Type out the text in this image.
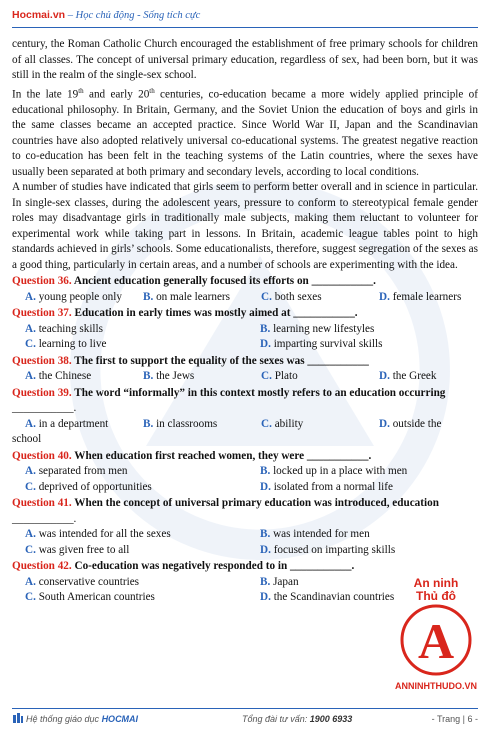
Hocmai.vn – Học chủ động - Sống tích cực

century, the Roman Catholic Church encouraged the establishment of free primary schools for children of all classes. The concept of universal primary education, regardless of sex, had been born, but it was still in the realm of the single-sex school.

In the late 19th and early 20th centuries, co-education became a more widely applied principle of educational philosophy. In Britain, Germany, and the Soviet Union the education of boys and girls in the same classes became an accepted practice. Since World War II, Japan and the Scandinavian countries have also adopted relatively universal co-educational systems. The greatest negative reaction to co-education has been felt in the teaching systems of the Latin countries, where the sexes have usually been separated at both primary and secondary levels, according to local conditions.

A number of studies have indicated that girls seem to perform better overall and in science in particular. In single-sex classes, during the adolescent years, pressure to conform to stereotypical female gender roles may disadvantage girls in traditionally male subjects, making them reluctant to volunteer for experimental work while taking part in lessons. In Britain, academic league tables point to high standards achieved in girls’ schools. Some educationalists, therefore, suggest segregation of the sexes as a good thing, particularly in certain areas, and a number of schools are experimenting with the idea.

Question 36. Ancient education generally focused its efforts on ___________.
A. young people only	B. on male learners	C. both sexes	D. female learners
Question 37. Education in early times was mostly aimed at ___________.
A. teaching skills	B. learning new lifestyles
C. learning to live	D. imparting survival skills
Question 38. The first to support the equality of the sexes was ___________
A. the Chinese	B. the Jews	C. Plato	D. the Greek
Question 39. The word “informally” in this context mostly refers to an education occurring
___________.
A. in a department	B. in classrooms	C. ability	D. outside the
school
Question 40. When education first reached women, they were ___________.
A. separated from men	B. locked up in a place with men
C. deprived of opportunities	D. isolated from a normal life
Question 41. When the concept of universal primary education was introduced, education
___________.
A. was intended for all the sexes	B. was intended for men
C. was given free to all	D. focused on imparting skills
Question 42. Co-education was negatively responded to in ___________.
A. conservative countries	B. Japan
C. South American countries	D. the Scandinavian countries
An ninh
Thủ đô
A
ANNINHTHUDO.VN
Hệ thống giáo dục HOCMAI	Tổng đài tư vấn: 1900 6933	- Trang | 6 -
